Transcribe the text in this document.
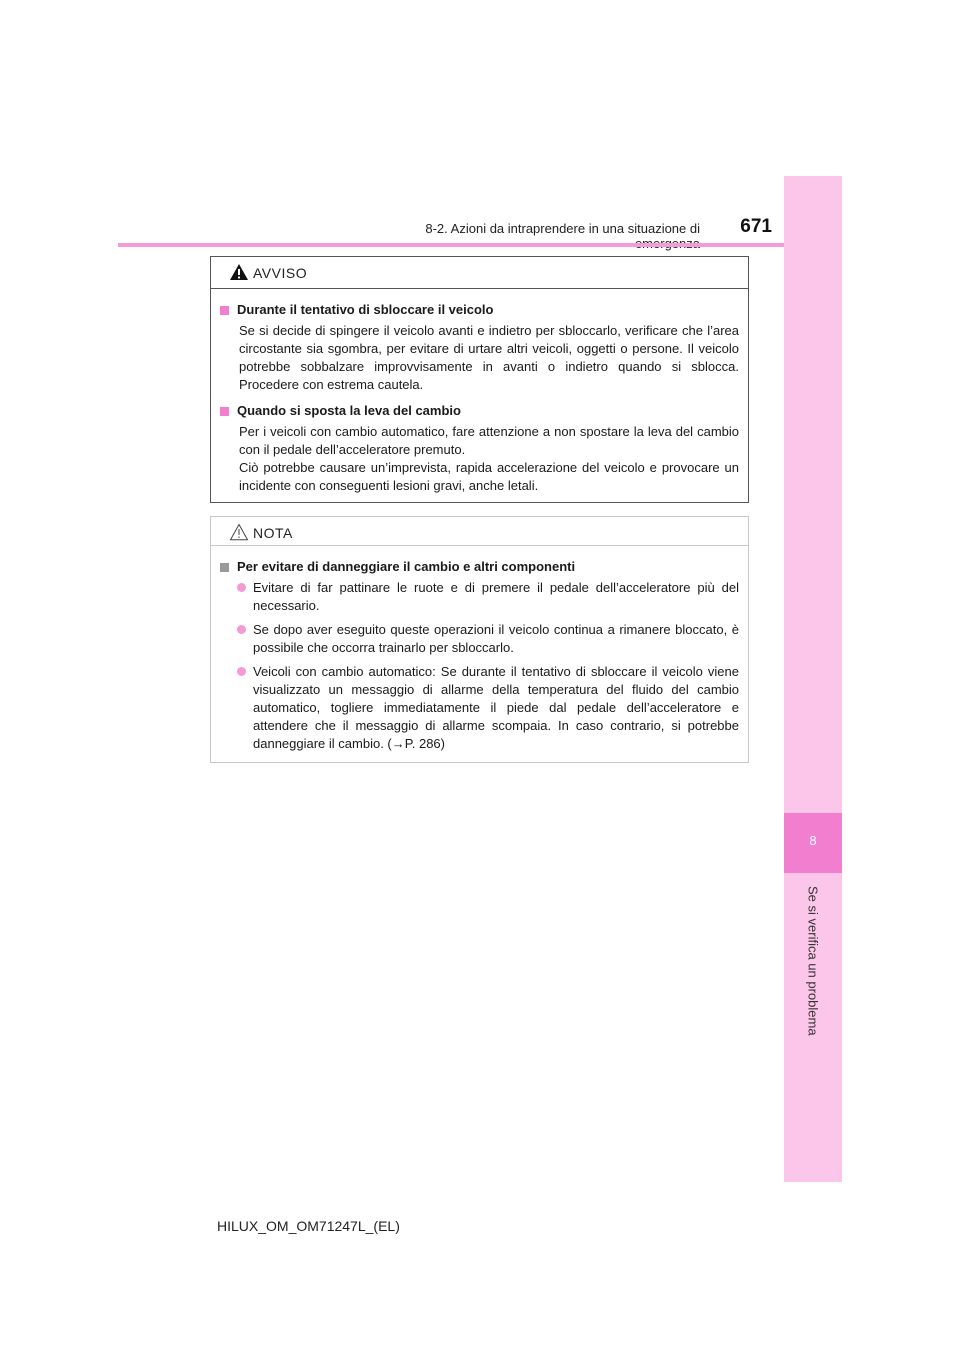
8-2. Azioni da intraprendere in una situazione di	671
8
Se si verifica un problema
AVVISO
Durante il tentativo di sbloccare il veicolo

Se si decide di spingere il veicolo avanti e indietro per sbloccarlo, verificare che l’area circostante sia sgombra, per evitare di urtare altri veicoli, oggetti o persone. Il veicolo potrebbe sobbalzare improvvisamente in avanti o indietro quando si sblocca. Procedere con estrema cautela.

Quando si sposta la leva del cambio

Per i veicoli con cambio automatico, fare attenzione a non spostare la leva del cambio con il pedale dell’acceleratore premuto.

Ciò potrebbe causare un’imprevista, rapida accelerazione del veicolo e provocare un incidente con conseguenti lesioni gravi, anche letali.

NOTA
Per evitare di danneggiare il cambio e altri componenti
Evitare di far pattinare le ruote e di premere il pedale dell’acceleratore più del necessario.
Se dopo aver eseguito queste operazioni il veicolo continua a rimanere bloccato, è possibile che occorra trainarlo per sbloccarlo.
Veicoli con cambio automatico: Se durante il tentativo di sbloccare il veicolo viene visualizzato un messaggio di allarme della temperatura del fluido del cambio automatico, togliere immediatamente il piede dal pedale dell’acceleratore e attendere che il messaggio di allarme scompaia. In caso contrario, si potrebbe danneggiare il cambio. (→P. 286)
HILUX_OM_OM71247L_(EL)
